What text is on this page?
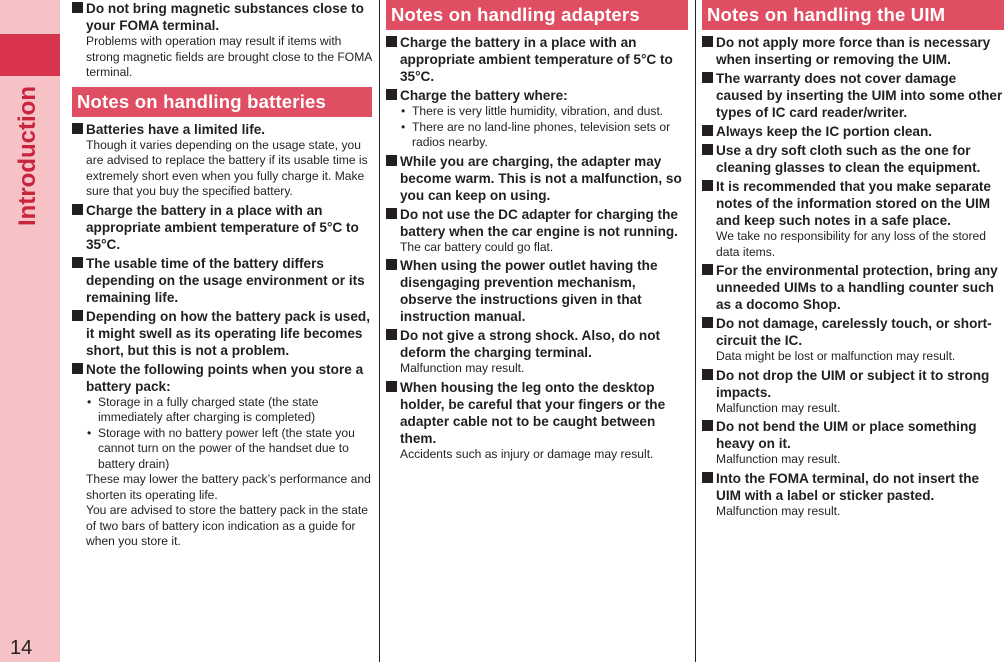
Introduction
14
Do not bring magnetic substances close to your FOMA terminal.
Problems with operation may result if items with strong magnetic fields are brought close to the FOMA terminal.
Notes on handling batteries
Batteries have a limited life.
Though it varies depending on the usage state, you are advised to replace the battery if its usable time is extremely short even when you fully charge it. Make sure that you buy the specified battery.
Charge the battery in a place with an appropriate ambient temperature of 5°C to 35°C.
The usable time of the battery differs depending on the usage environment or its remaining life.
Depending on how the battery pack is used, it might swell as its operating life becomes short, but this is not a problem.
Note the following points when you store a battery pack:
• Storage in a fully charged state (the state immediately after charging is completed)
• Storage with no battery power left (the state you cannot turn on the power of the handset due to battery drain)
These may lower the battery pack’s performance and shorten its operating life.
You are advised to store the battery pack in the state of two bars of battery icon indication as a guide for when you store it.
Notes on handling adapters
Charge the battery in a place with an appropriate ambient temperature of 5°C to 35°C.
Charge the battery where:
• There is very little humidity, vibration, and dust.
• There are no land-line phones, television sets or radios nearby.
While you are charging, the adapter may become warm. This is not a malfunction, so you can keep on using.
Do not use the DC adapter for charging the battery when the car engine is not running.
The car battery could go flat.
When using the power outlet having the disengaging prevention mechanism, observe the instructions given in that instruction manual.
Do not give a strong shock. Also, do not deform the charging terminal.
Malfunction may result.
When housing the leg onto the desktop holder, be careful that your fingers or the adapter cable not to be caught between them.
Accidents such as injury or damage may result.
Notes on handling the UIM
Do not apply more force than is necessary when inserting or removing the UIM.
The warranty does not cover damage caused by inserting the UIM into some other types of IC card reader/writer.
Always keep the IC portion clean.
Use a dry soft cloth such as the one for cleaning glasses to clean the equipment.
It is recommended that you make separate notes of the information stored on the UIM and keep such notes in a safe place.
We take no responsibility for any loss of the stored data items.
For the environmental protection, bring any unneeded UIMs to a handling counter such as a docomo Shop.
Do not damage, carelessly touch, or short-circuit the IC.
Data might be lost or malfunction may result.
Do not drop the UIM or subject it to strong impacts.
Malfunction may result.
Do not bend the UIM or place something heavy on it.
Malfunction may result.
Into the FOMA terminal, do not insert the UIM with a label or sticker pasted.
Malfunction may result.
